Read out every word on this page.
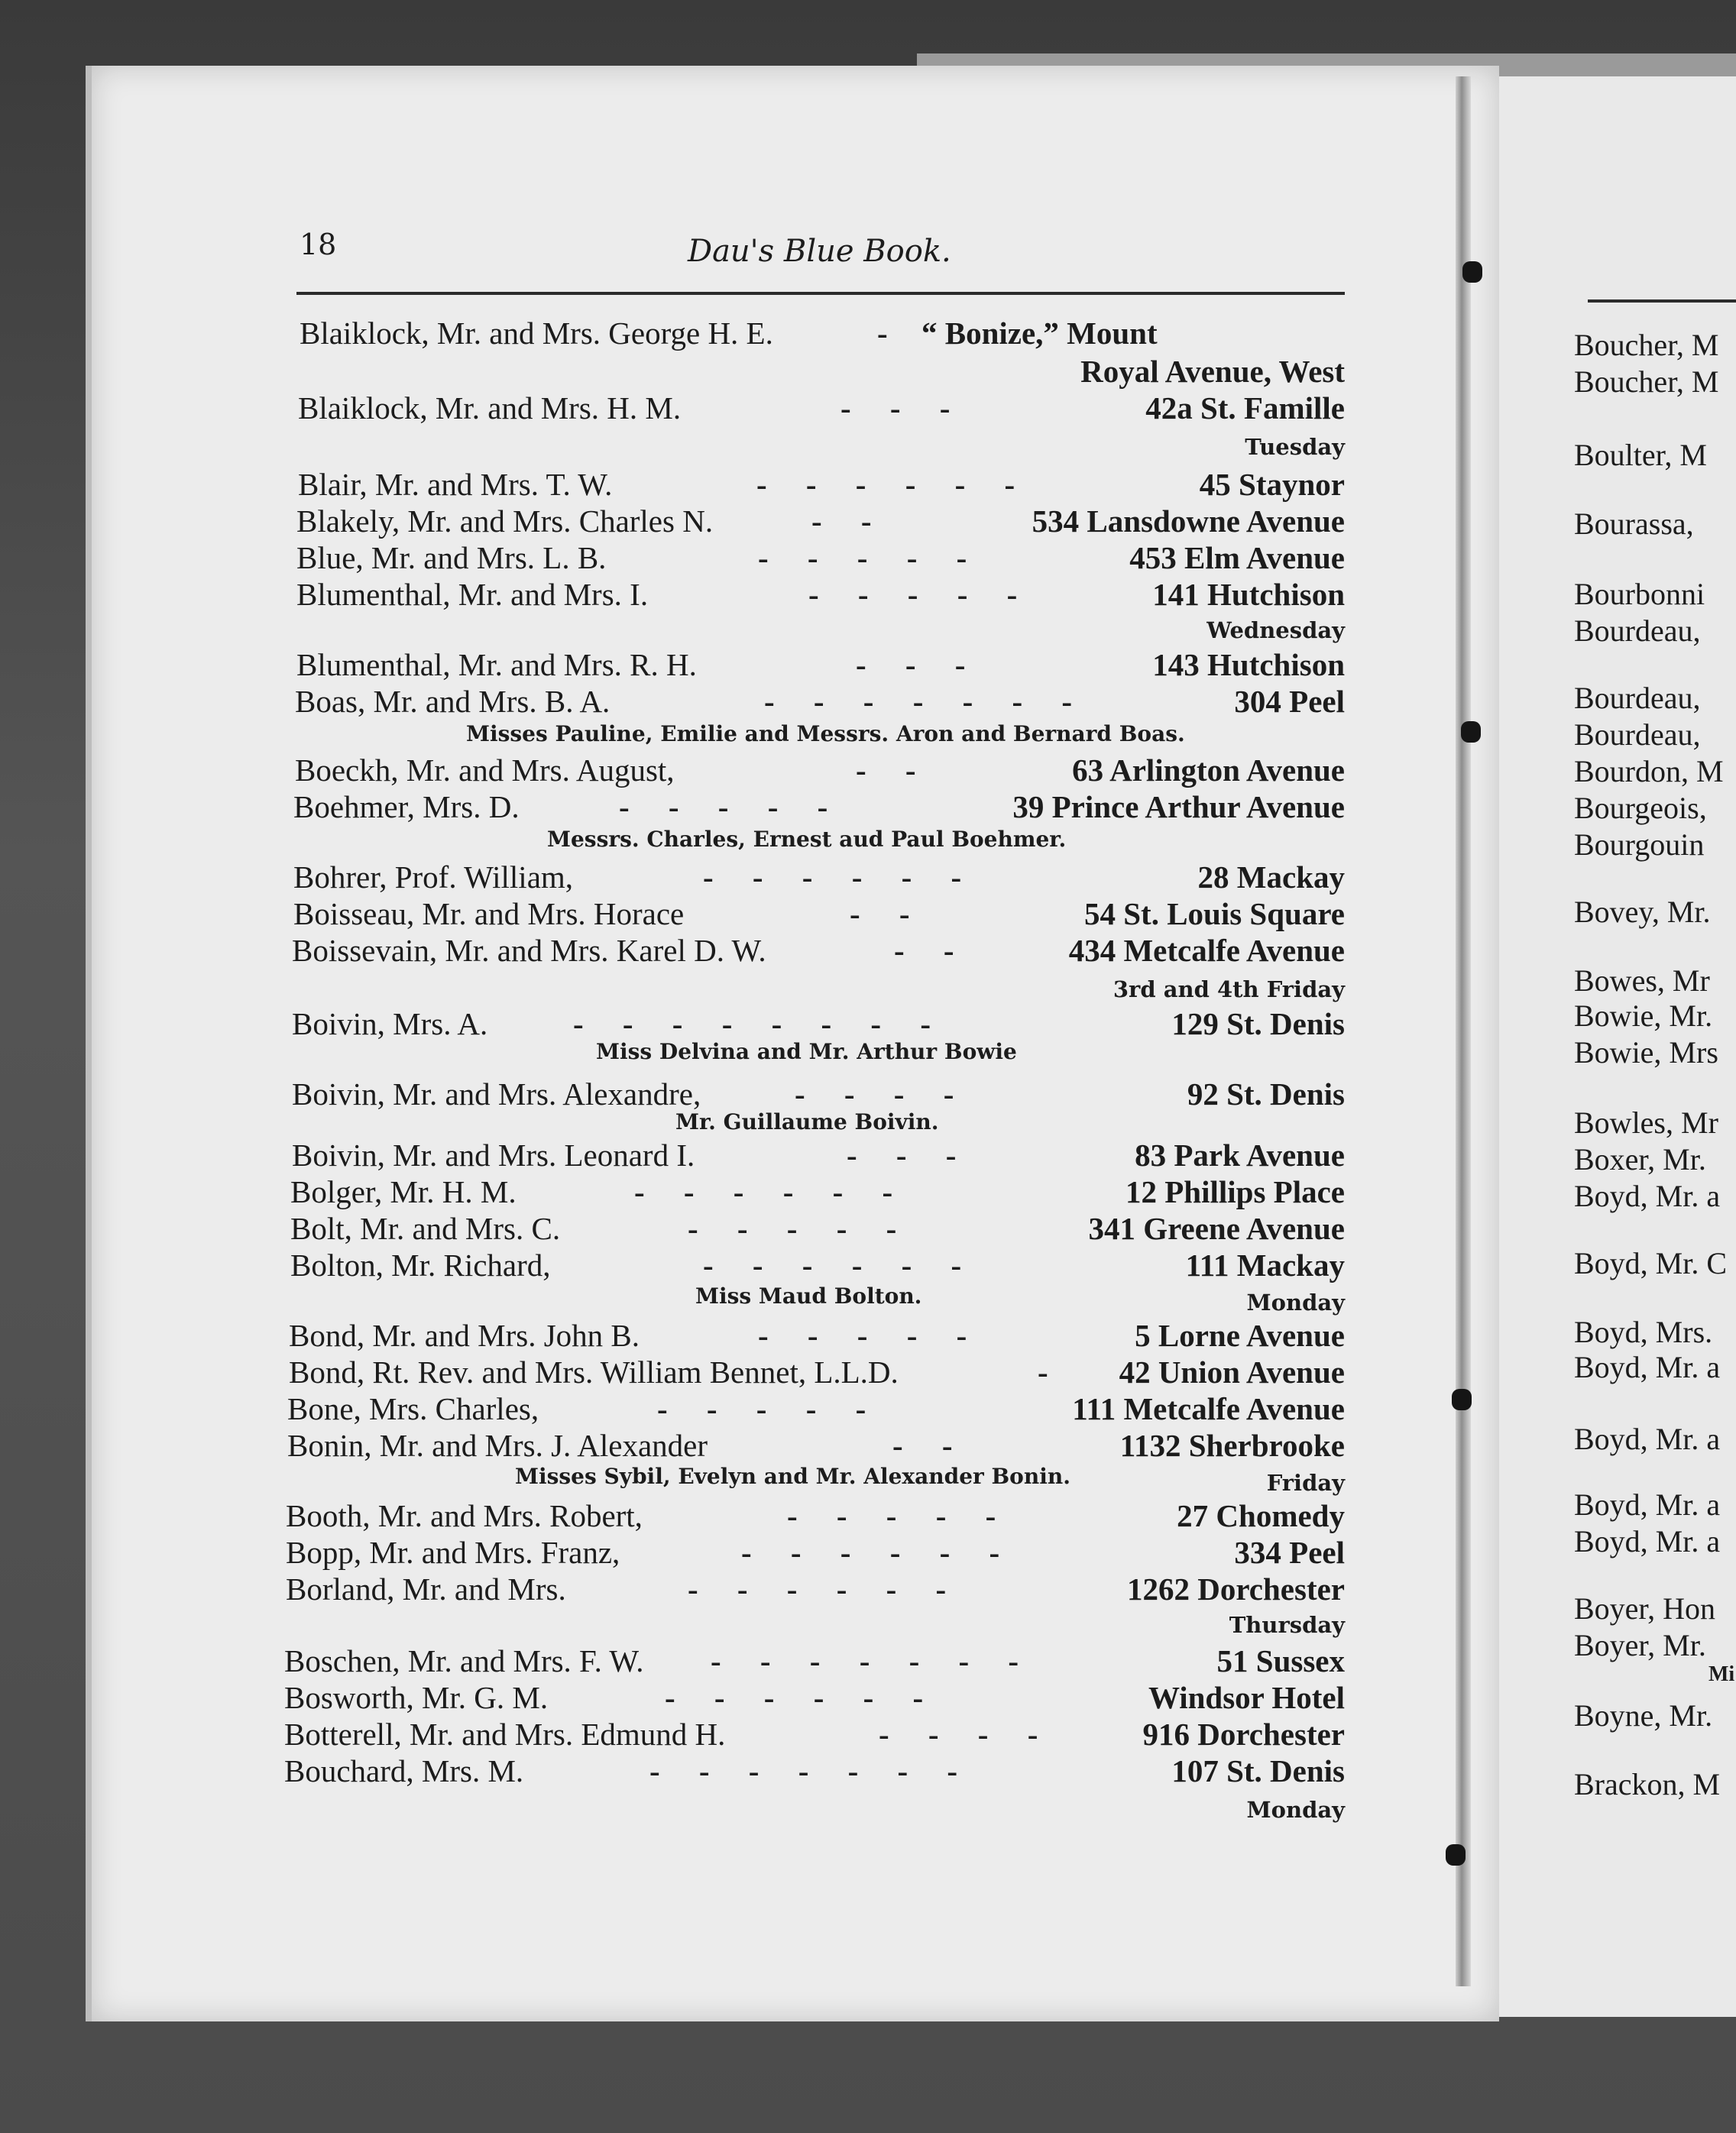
18	Dau's Blue Book.
Blaiklock, Mr. and Mrs. George H. E.	- “ Bonize,” Mount
Royal Avenue, West
Blaiklock, Mr. and Mrs. H. M.	-     -     -	42a St. Famille
Tuesday
Blair, Mr. and Mrs. T. W.	-     -     -     -     -     -	45 Staynor
Blakely, Mr. and Mrs. Charles N.	-     -	534 Lansdowne Avenue
Blue, Mr. and Mrs. L. B.	-     -     -     -     -	453 Elm Avenue
Blumenthal, Mr. and Mrs. I.	-     -     -     -     -	141 Hutchison
Wednesday
Blumenthal, Mr. and Mrs. R. H.	-     -     -	143 Hutchison
Boas, Mr. and Mrs. B. A.	-     -     -     -     -     -     -	304 Peel
Misses Pauline, Emilie and Messrs. Aron and Bernard Boas.
Boeckh, Mr. and Mrs. August,	-     -	63 Arlington Avenue
Boehmer, Mrs. D.	-     -     -     -     -	39 Prince Arthur Avenue
Messrs. Charles, Ernest aud Paul Boehmer.
Bohrer, Prof. William,	-     -     -     -     -     -	28 Mackay
Boisseau, Mr. and Mrs. Horace	-     -	54 St. Louis Square
Boissevain, Mr. and Mrs. Karel D. W.	-     -	434 Metcalfe Avenue
3rd and 4th Friday
Boivin, Mrs. A.	-     -     -     -     -     -     -     -	129 St. Denis
Miss Delvina and Mr. Arthur Bowie
Boivin, Mr. and Mrs. Alexandre,	-     -     -     -	92 St. Denis
Mr. Guillaume Boivin.
Boivin, Mr. and Mrs. Leonard I.	-     -     -	83 Park Avenue
Bolger, Mr. H. M.	-     -     -     -     -     -	12 Phillips Place
Bolt, Mr. and Mrs. C.	-     -     -     -     -	341 Greene Avenue
Bolton, Mr. Richard,	-     -     -     -     -     -	111 Mackay
Miss Maud Bolton.	Monday
Bond, Mr. and Mrs. John B.	-     -     -     -     -	5 Lorne Avenue
Bond, Rt. Rev. and Mrs. William Bennet, L.L.D.	- 42 Union Avenue
Bone, Mrs. Charles,	-     -     -     -     -	111 Metcalfe Avenue
Bonin, Mr. and Mrs. J. Alexander	-     -	1132 Sherbrooke
Misses Sybil, Evelyn and Mr. Alexander Bonin.	Friday
Booth, Mr. and Mrs. Robert,	-     -     -     -     -	27 Chomedy
Bopp, Mr. and Mrs. Franz,	-     -     -     -     -     -	334 Peel
Borland, Mr. and Mrs.	-     -     -     -     -     -	1262 Dorchester
Thursday
Boschen, Mr. and Mrs. F. W. -     -     -     -     -     -     -	51 Sussex
Bosworth, Mr. G. M.	-     -     -     -     -     -	Windsor Hotel
Botterell, Mr. and Mrs. Edmund H.	-     -     -     -	916 Dorchester
Bouchard, Mrs. M.	-     -     -     -     -     -     -	107 St. Denis
Monday
Boucher, M
Boucher, M
Boulter, M
Bourassa,
Bourbonni
Bourdeau,
Bourdeau,
Bourdeau,
Bourdon, M
Bourgeois,
Bourgouin
Bovey, Mr.
Bowes, Mr
Bowie, Mr.
Bowie, Mrs
Bowles, Mr
Boxer, Mr.
Boyd, Mr. a
Boyd, Mr. C
Boyd, Mrs.
Boyd, Mr. a
Boyd, Mr. a
Boyd, Mr. a
Boyd, Mr. a
Boyer, Hon
Boyer, Mr.
Mi
Boyne, Mr.
Brackon, M
